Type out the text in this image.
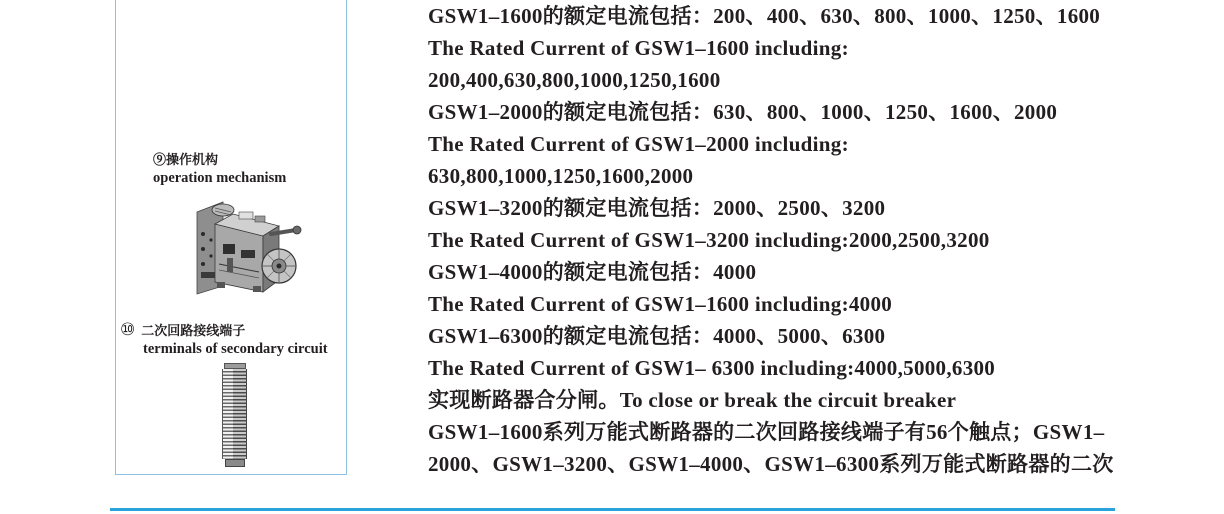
⑨操作机构
operation mechanism
⑩ 二次回路接线端子
terminals of secondary circuit
GSW1–1600的额定电流包括：200、400、630、800、1000、1250、1600
The Rated Current of GSW1–1600 including:
200,400,630,800,1000,1250,1600
GSW1–2000的额定电流包括：630、800、1000、1250、1600、2000
The Rated Current of GSW1–2000 including:
630,800,1000,1250,1600,2000
GSW1–3200的额定电流包括：2000、2500、3200
The Rated Current of GSW1–3200 including:2000,2500,3200
GSW1–4000的额定电流包括：4000
The Rated Current of GSW1–1600 including:4000
GSW1–6300的额定电流包括：4000、5000、6300
The Rated Current of GSW1– 6300 including:4000,5000,6300
实现断路器合分闸。To close or break the circuit breaker
GSW1–1600系列万能式断路器的二次回路接线端子有56个触点；GSW1–
2000、GSW1–3200、GSW1–4000、GSW1–6300系列万能式断路器的二次
